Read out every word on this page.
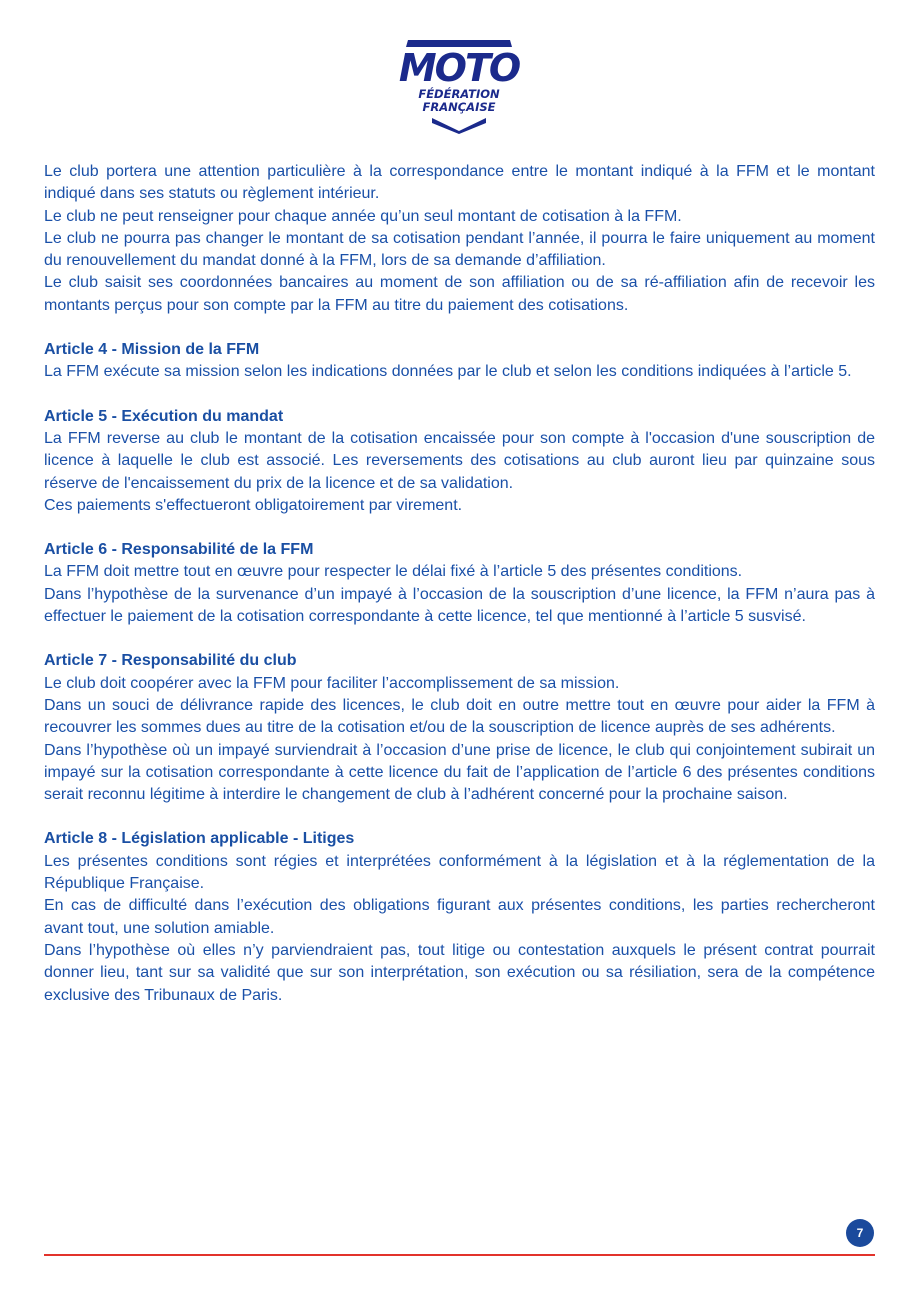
MOTO
FÉDÉRATION
FRANÇAISE

Le club portera une attention particulière à la correspondance entre le montant indiqué à la FFM et le montant indiqué dans ses statuts ou règlement intérieur.

Le club ne peut renseigner pour chaque année qu’un seul montant de cotisation à la FFM.

Le club ne pourra pas changer le montant de sa cotisation pendant l’année, il pourra le faire uniquement au moment du renouvellement du mandat donné à la FFM, lors de sa demande d’affiliation.

Le club saisit ses coordonnées bancaires au moment de son affiliation ou de sa ré-affiliation afin de recevoir les montants perçus pour son compte par la FFM au titre du paiement des cotisations.

Article 4 - Mission de la FFM

La FFM exécute sa mission selon les indications données par le club et selon les conditions indiquées à l’article 5.

Article 5 - Exécution du mandat

La FFM reverse au club le montant de la cotisation encaissée pour son compte à l'occasion d'une souscription de licence à laquelle le club est associé. Les reversements des cotisations au club auront lieu par quinzaine sous réserve de l'encaissement du prix de la licence et de sa validation.

Ces paiements s'effectueront obligatoirement par virement.

Article 6 - Responsabilité de la FFM

La FFM doit mettre tout en œuvre pour respecter le délai fixé à l’article 5 des présentes conditions.

Dans l’hypothèse de la survenance d’un impayé à l’occasion de la souscription d’une licence, la FFM n’aura pas à effectuer le paiement de la cotisation correspondante à cette licence, tel que mentionné à l’article 5 susvisé.

Article 7 - Responsabilité du club

Le club doit coopérer avec la FFM pour faciliter l’accomplissement de sa mission.

Dans un souci de délivrance rapide des licences, le club doit en outre mettre tout en œuvre pour aider la FFM à recouvrer les sommes dues au titre de la cotisation et/ou de la souscription de licence auprès de ses adhérents.

Dans l’hypothèse où un impayé surviendrait à l’occasion d’une prise de licence, le club qui conjointement subirait un impayé sur la cotisation correspondante à cette licence du fait de l’application de l’article 6 des présentes conditions serait reconnu légitime à interdire le changement de club à l’adhérent concerné pour la prochaine saison.

Article 8 - Législation applicable - Litiges

Les présentes conditions sont régies et interprétées conformément à la législation et à la réglementation de la République Française.

En cas de difficulté dans l’exécution des obligations figurant aux présentes conditions, les parties rechercheront avant tout, une solution amiable.

Dans l’hypothèse où elles n’y parviendraient pas, tout litige ou contestation auxquels le présent contrat pourrait donner lieu, tant sur sa validité que sur son interprétation, son exécution ou sa résiliation, sera de la compétence exclusive des Tribunaux de Paris.

7
